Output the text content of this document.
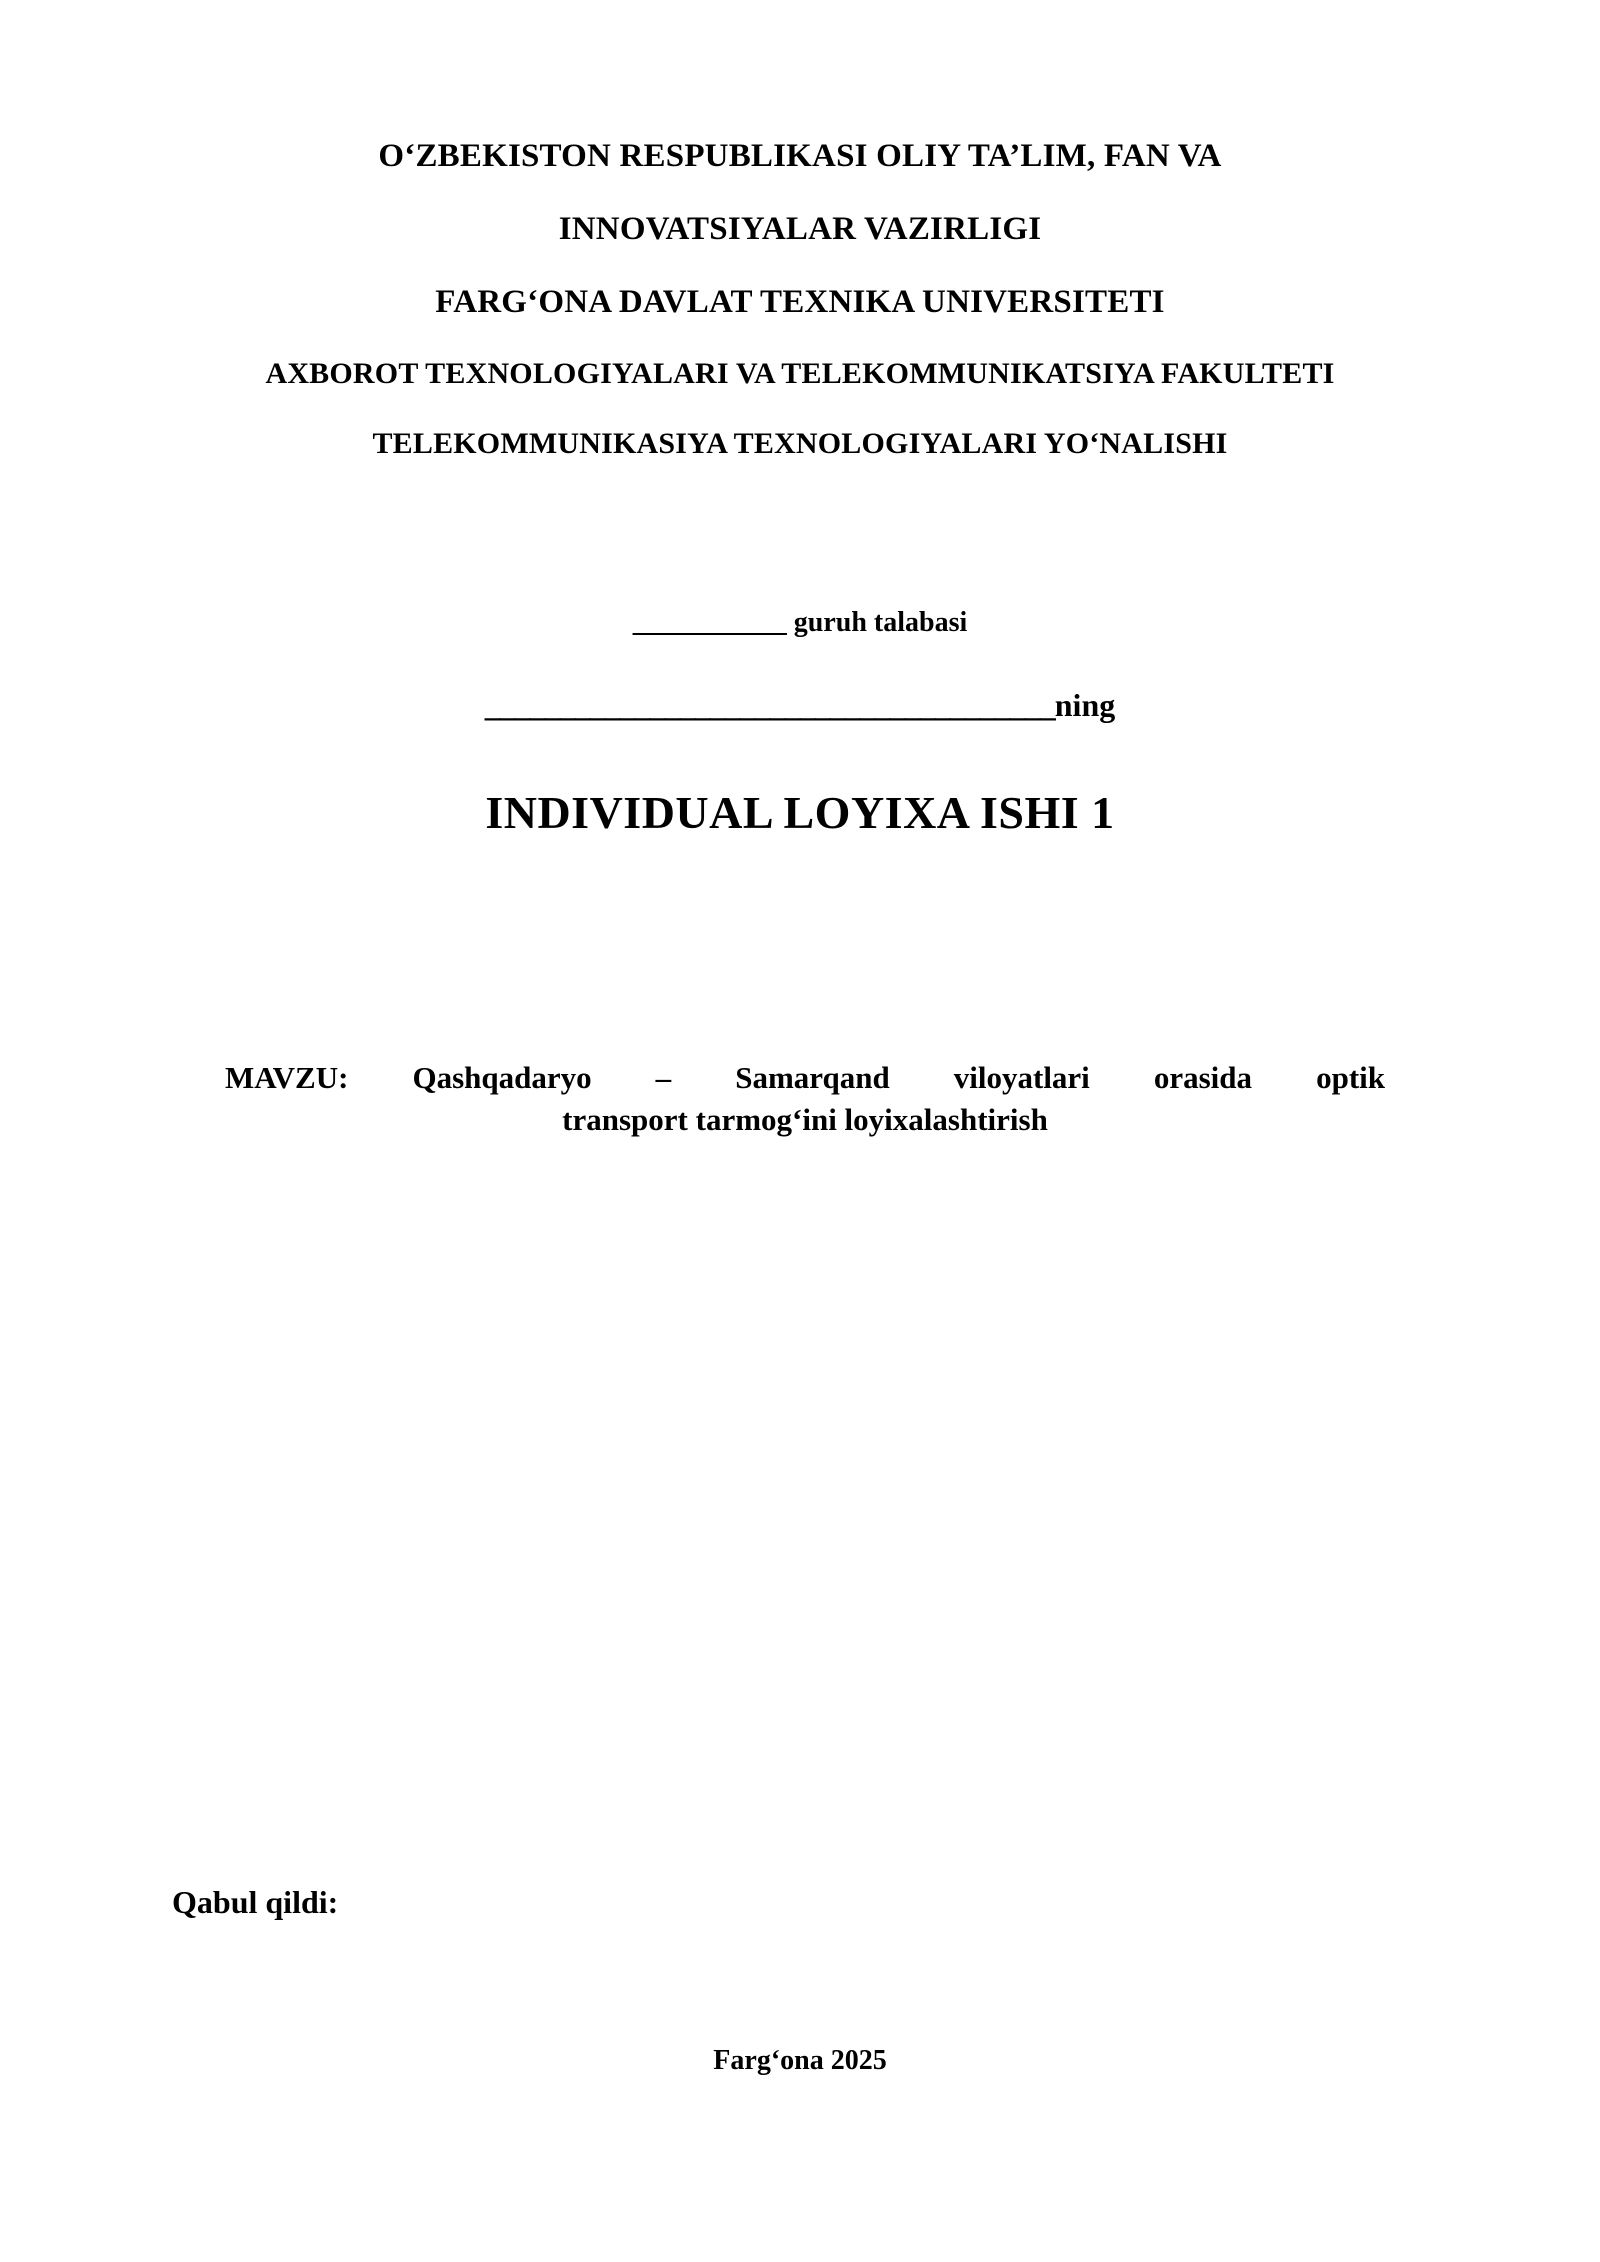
O‘ZBEKISTON RESPUBLIKASI OLIY TA’LIM, FAN VA
INNOVATSIYALAR VAZIRLIGI
FARG‘ONA DAVLAT TEXNIKA UNIVERSITETI
AXBOROT TEXNOLOGIYALARI VA TELEKOMMUNIKATSIYA FAKULTETI
TELEKOMMUNIKASIYA TEXNOLOGIYALARI YO‘NALISHI
___________ guruh talabasi
______________________________________ning
INDIVIDUAL LOYIXA ISHI 1
MAVZU: Qashqadaryo – Samarqand viloyatlari orasida optik
transport tarmog‘ini loyixalashtirish
Qabul qildi:
Farg‘ona 2025
